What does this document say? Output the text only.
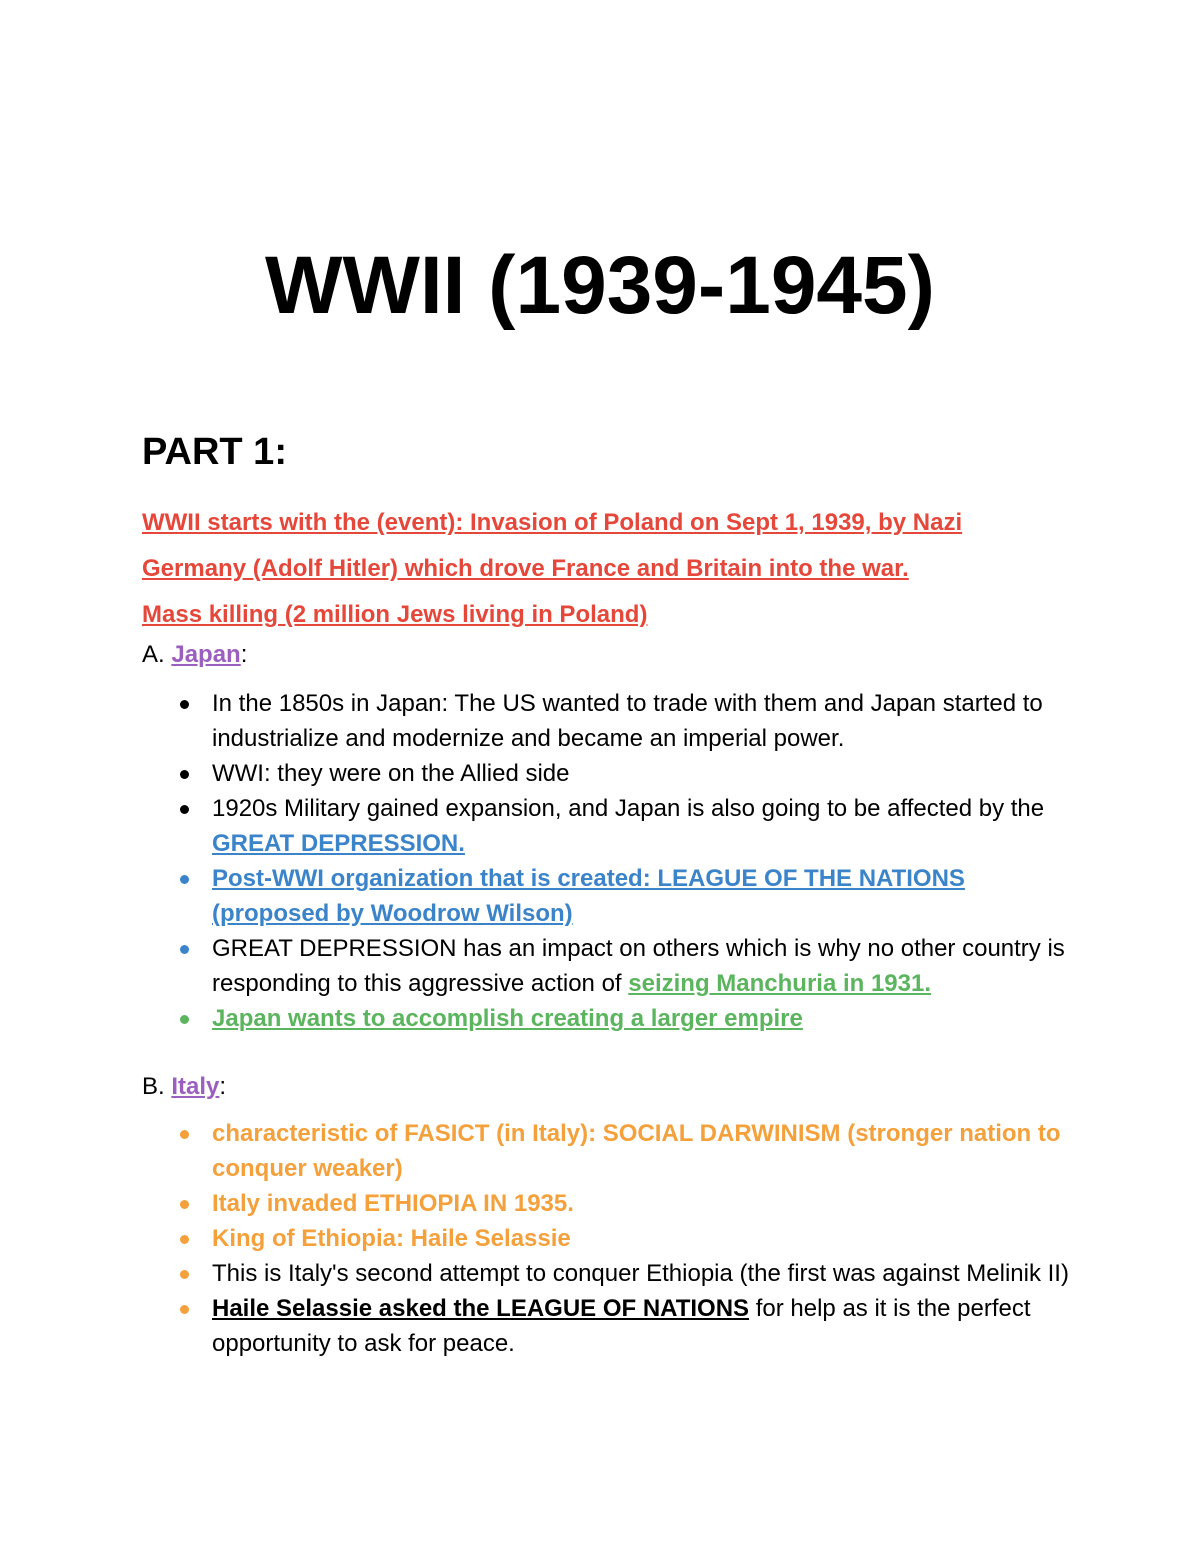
WWII (1939-1945)
PART 1:
WWII starts with the (event): Invasion of Poland on Sept 1, 1939, by Nazi
Germany (Adolf Hitler) which drove France and Britain into the war.
Mass killing (2 million Jews living in Poland)
A. Japan:
In the 1850s in Japan: The US wanted to trade with them and Japan started to industrialize and modernize and became an imperial power.
WWI: they were on the Allied side
1920s Military gained expansion, and Japan is also going to be affected by the GREAT DEPRESSION.
Post-WWI organization that is created: LEAGUE OF THE NATIONS (proposed by Woodrow Wilson)
GREAT DEPRESSION has an impact on others which is why no other country is responding to this aggressive action of seizing Manchuria in 1931.
Japan wants to accomplish creating a larger empire
B. Italy:
characteristic of FASICT (in Italy): SOCIAL DARWINISM (stronger nation to conquer weaker)
Italy invaded ETHIOPIA IN 1935.
King of Ethiopia: Haile Selassie
This is Italy's second attempt to conquer Ethiopia (the first was against Melinik II)
Haile Selassie asked the LEAGUE OF NATIONS for help as it is the perfect opportunity to ask for peace.
